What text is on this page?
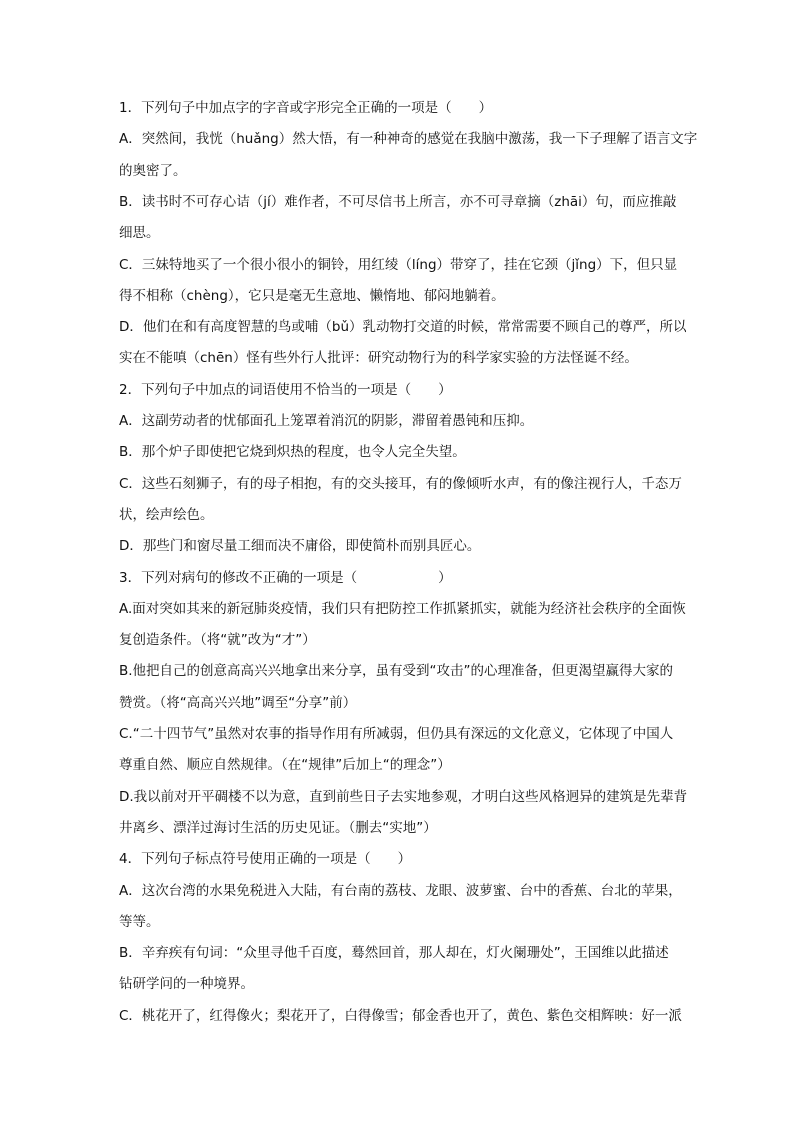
1．下列句子中加点字的字音或字形完全正确的一项是（　　）
A．突然间，我恍（huǎng）然大悟，有一种神奇的感觉在我脑中激荡，我一下子理解了语言文字
的奥密了。
B．读书时不可存心诘（jí）难作者，不可尽信书上所言，亦不可寻章摘（zhāi）句，而应推敲
细思。
C．三妹特地买了一个很小很小的铜铃，用红绫（líng）带穿了，挂在它颈（jǐng）下，但只显
得不相称（chèng），它只是毫无生意地、懒惰地、郁闷地躺着。
D．他们在和有高度智慧的鸟或哺（bǔ）乳动物打交道的时候，常常需要不顾自己的尊严，所以
实在不能嗔（chēn）怪有些外行人批评：研究动物行为的科学家实验的方法怪诞不经。
2．下列句子中加点的词语使用不恰当的一项是（　　）
A．这副劳动者的忧郁面孔上笼罩着消沉的阴影，滞留着愚钝和压抑。
B．那个炉子即使把它烧到炽热的程度，也令人完全失望。
C．这些石刻狮子，有的母子相抱，有的交头接耳，有的像倾听水声，有的像注视行人，千态万
状，绘声绘色。
D．那些门和窗尽量工细而决不庸俗，即使简朴而别具匠心。
3．下列对病句的修改不正确的一项是（　　　　　　）
A.面对突如其来的新冠肺炎疫情，我们只有把防控工作抓紧抓实，就能为经济社会秩序的全面恢
复创造条件。（将“就”改为“才”）
B.他把自己的创意高高兴兴地拿出来分享，虽有受到“攻击”的心理准备，但更渴望赢得大家的
赞赏。（将“高高兴兴地”调至“分享”前）
C.“二十四节气”虽然对农事的指导作用有所减弱，但仍具有深远的文化意义，它体现了中国人
尊重自然、顺应自然规律。（在“规律”后加上“的理念”）
D.我以前对开平碉楼不以为意，直到前些日子去实地参观，才明白这些风格迥异的建筑是先辈背
井离乡、漂洋过海讨生活的历史见证。（删去“实地”）
4．下列句子标点符号使用正确的一项是（　　）
A．这次台湾的水果免税进入大陆，有台南的荔枝、龙眼、波萝蜜、台中的香蕉、台北的苹果，
等等。
B．辛弃疾有句词：“众里寻他千百度，蓦然回首，那人却在，灯火阑珊处”，王国维以此描述
钻研学问的一种境界。
C．桃花开了，红得像火；梨花开了，白得像雪；郁金香也开了，黄色、紫色交相辉映：好一派
